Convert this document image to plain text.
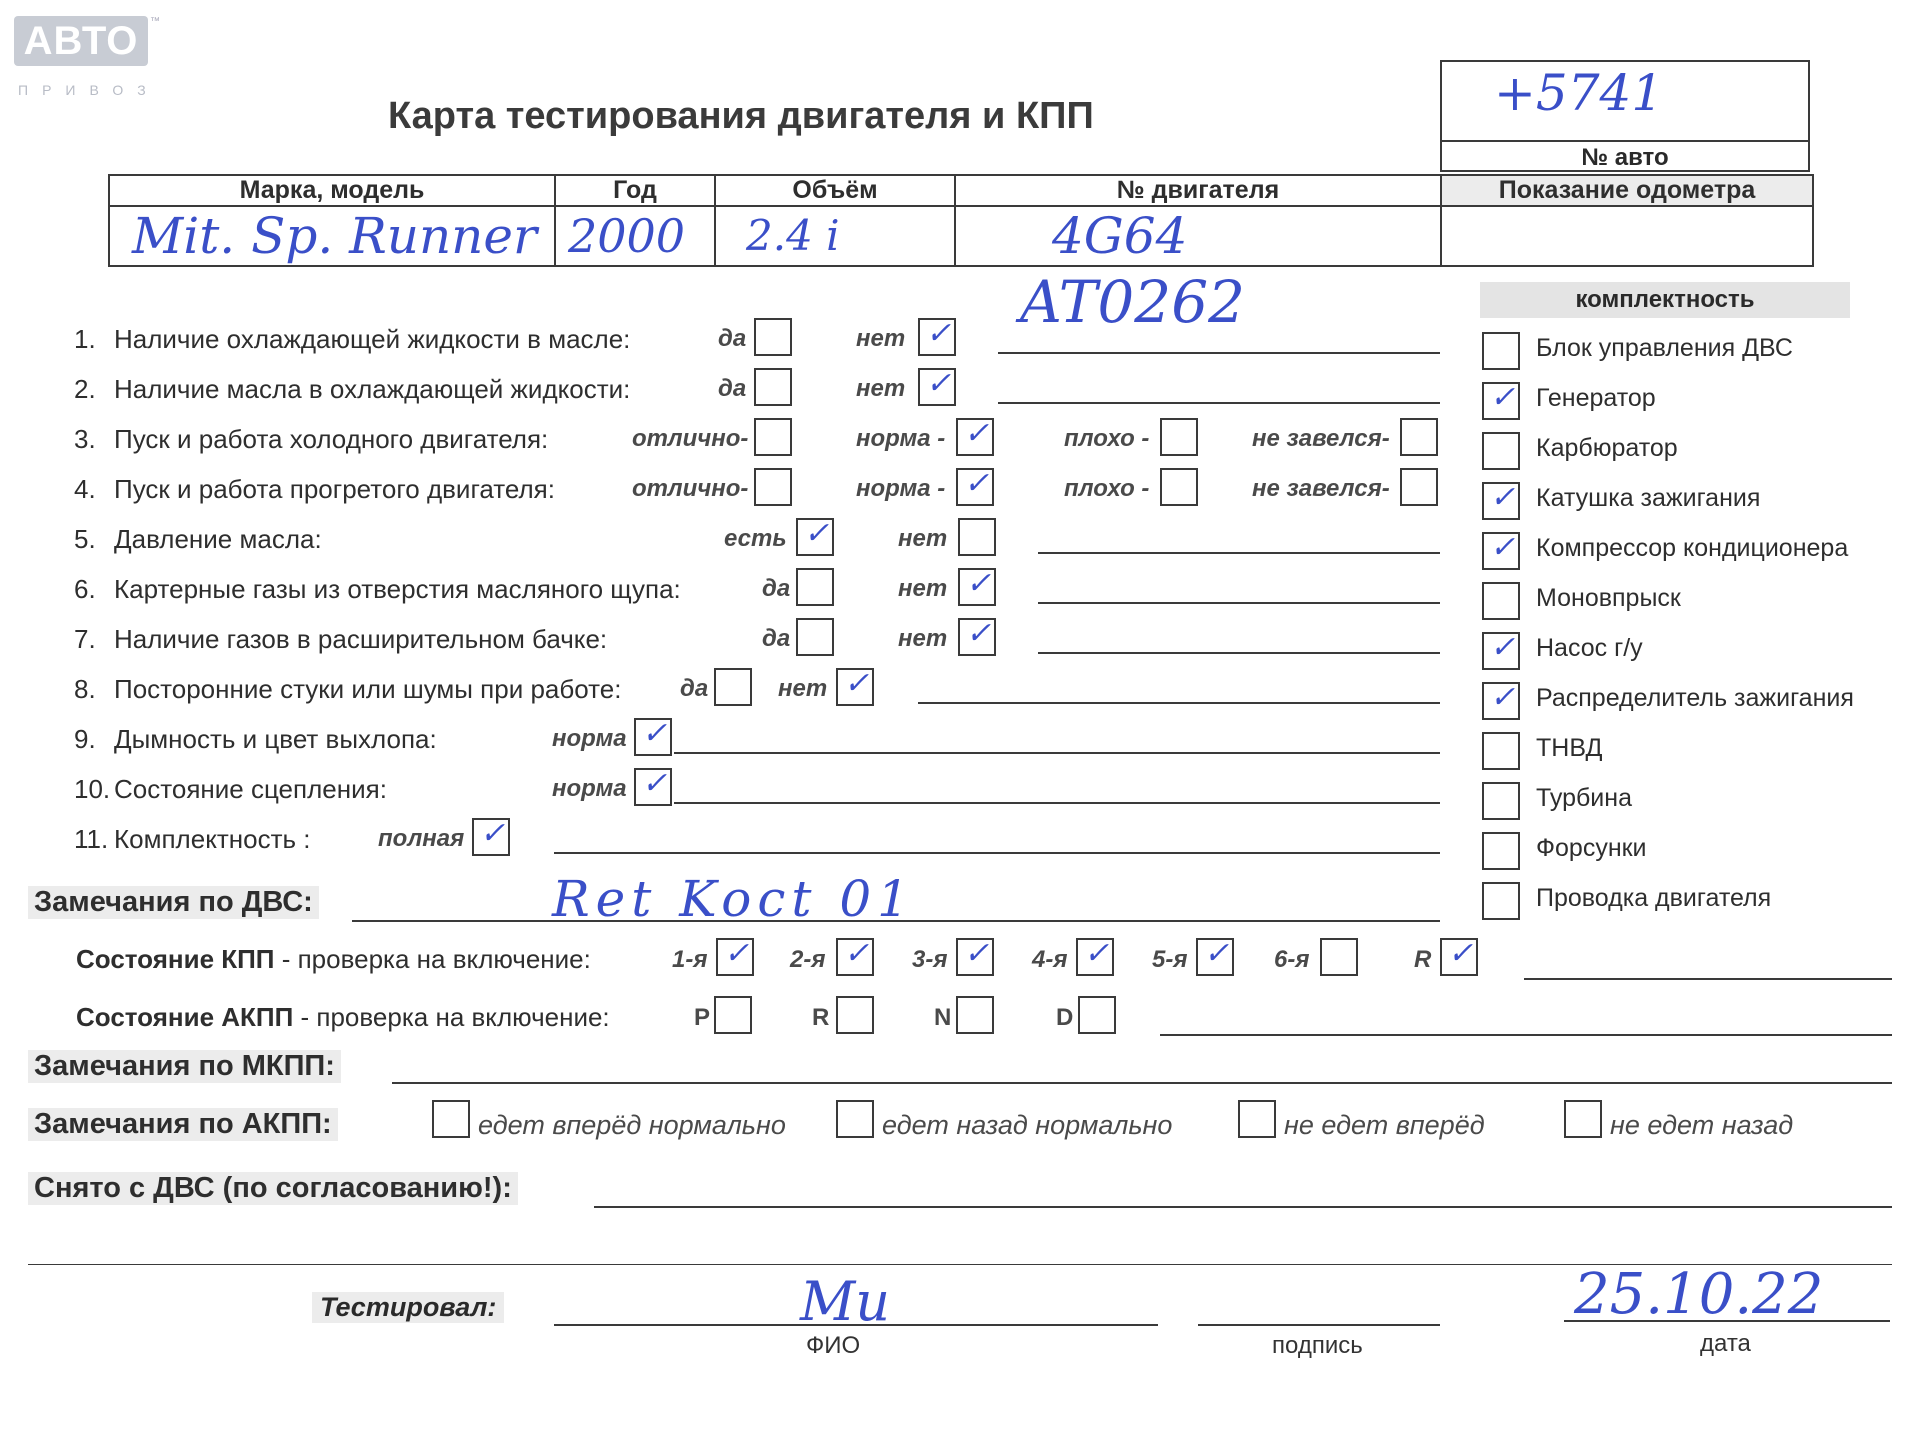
АВТО	™
ПРИВОЗ
Карта тестирования двигателя и КПП	+5741
№ авто
Марка, модель	Год	Объём	№ двигателя	Показание одометра

Mit. Sp. Runner	2000	2.4 i	4G64	

AT0262	комплектность
1. Наличие охлаждающей жидкости в масле:	да	нет ✓
2. Наличие масла в охлаждающей жидкости:	да	нет ✓
3. Пуск и работа холодного двигателя:	отлично-	норма - ✓	плохо -	не завелся-
4. Пуск и работа прогретого двигателя:	отлично-	норма - ✓	плохо -	не завелся-
5. Давление масла:	есть ✓	нет
6. Картерные газы из отверстия масляного щупа:	да	нет ✓
7. Наличие газов в расширительном бачке:	да	нет ✓
8. Посторонние стуки или шумы при работе: да	нет ✓
9. Дымность и цвет выхлопа:	норма ✓
10. Состояние сцепления:	норма ✓
11. Комплектность :	полная ✓
Блок управления ДВС
✓ Генератор
Карбюратор
✓ Катушка зажигания
✓ Компрессор кондиционера
Моновпрыск
✓ Насос г/у
✓ Распределитель зажигания
ТНВД
Турбина
Форсунки
Проводка двигателя
Замечания по ДВС:	Ret Koct 01
Состояние КПП - проверка на включение:	1-я ✓ 2-я ✓ 3-я ✓ 4-я ✓ 5-я ✓ 6-я	R ✓
Состояние АКПП - проверка на включение:	P	R	N	D
Замечания по МКПП:
Замечания по АКПП:	едет вперёд нормально	едет назад нормально	не едет вперёд	не едет назад
Снято с ДВС (по согласованию!):
Тестировал:
ФИО
Ми
подпись	дата
25.10.22
